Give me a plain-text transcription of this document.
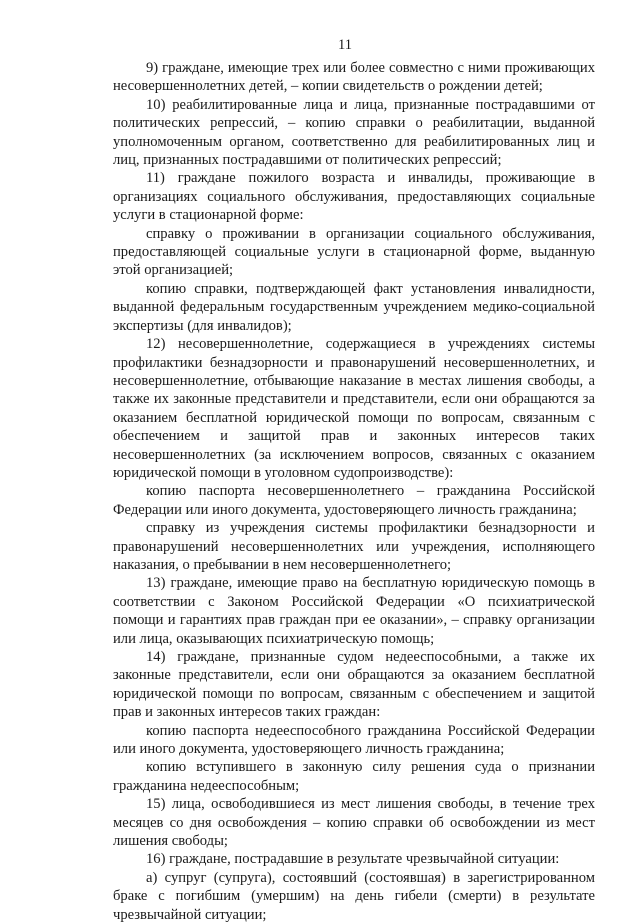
11

9) граждане, имеющие трех или более совместно с ними проживающих несовершеннолетних детей, – копии свидетельств о рождении детей;

10) реабилитированные лица и лица, признанные пострадавшими от политических репрессий, – копию справки о реабилитации, выданной уполномоченным органом, соответственно для реабилитированных лиц и лиц, признанных пострадавшими от политических репрессий;

11) граждане пожилого возраста и инвалиды, проживающие в организациях социального обслуживания, предоставляющих социальные услуги в стационарной форме:

справку о проживании в организации социального обслуживания, предоставляющей социальные услуги в стационарной форме, выданную этой организацией;

копию справки, подтверждающей факт установления инвалидности, выданной федеральным государственным учреждением медико-социальной экспертизы (для инвалидов);

12) несовершеннолетние, содержащиеся в учреждениях системы профилактики безнадзорности и правонарушений несовершеннолетних, и несовершеннолетние, отбывающие наказание в местах лишения свободы, а также их законные представители и представители, если они обращаются за оказанием бесплатной юридической помощи по вопросам, связанным с обеспечением и защитой прав и законных интересов таких несовершеннолетних (за исключением вопросов, связанных с оказанием юридической помощи в уголовном судопроизводстве):

копию паспорта несовершеннолетнего – гражданина Российской Федерации или иного документа, удостоверяющего личность гражданина;

справку из учреждения системы профилактики безнадзорности и правонарушений несовершеннолетних или учреждения, исполняющего наказания, о пребывании в нем несовершеннолетнего;

13) граждане, имеющие право на бесплатную юридическую помощь в соответствии с Законом Российской Федерации «О психиатрической помощи и гарантиях прав граждан при ее оказании», – справку организации или лица, оказывающих психиатрическую помощь;

14) граждане, признанные судом недееспособными, а также их законные представители, если они обращаются за оказанием бесплатной юридической помощи по вопросам, связанным с обеспечением и защитой прав и законных интересов таких граждан:

копию паспорта недееспособного гражданина Российской Федерации или иного документа, удостоверяющего личность гражданина;

копию вступившего в законную силу решения суда о признании гражданина недееспособным;

15) лица, освободившиеся из мест лишения свободы, в течение трех месяцев со дня освобождения – копию справки об освобождении из мест лишения свободы;

16) граждане, пострадавшие в результате чрезвычайной ситуации:

а) супруг (супруга), состоявший (состоявшая) в зарегистрированном браке с погибшим (умершим) на день гибели (смерти) в результате чрезвычайной ситуации;
